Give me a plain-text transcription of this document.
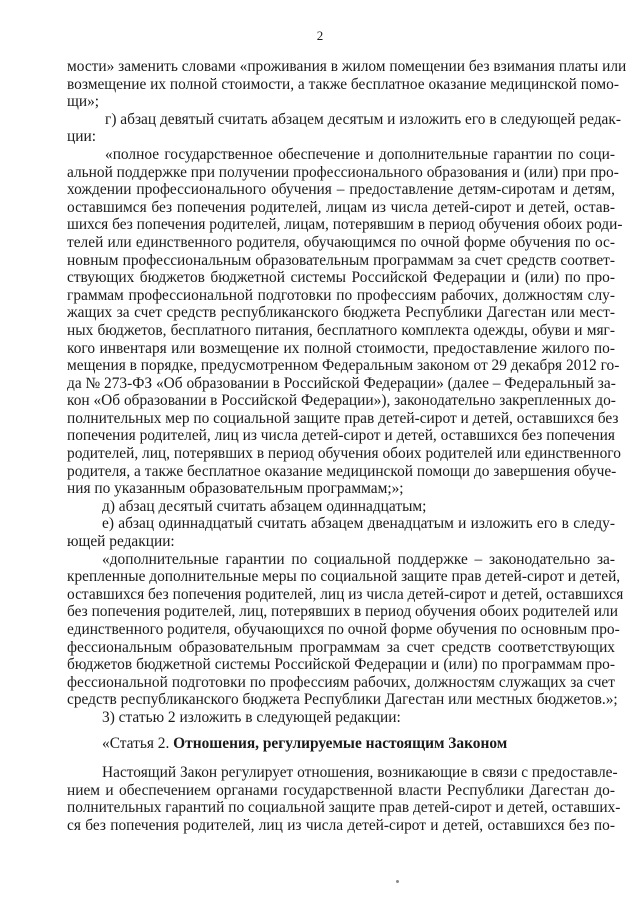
2
мости» заменить словами «проживания в жилом помещении без взимания платы или
возмещение их полной стоимости, а также бесплатное оказание медицинской помо-
щи»;
г) абзац девятый считать абзацем десятым и изложить его в следующей редак-
ции:
«полное государственное обеспечение и дополнительные гарантии по соци-
альной поддержке при получении профессионального образования и (или) при про-
хождении профессионального обучения – предоставление детям-сиротам и детям,
оставшимся без попечения родителей, лицам из числа детей-сирот и детей, остав-
шихся без попечения родителей, лицам, потерявшим в период обучения обоих роди-
телей или единственного родителя, обучающимся по очной форме обучения по ос-
новным профессиональным образовательным программам за счет средств соответ-
ствующих бюджетов бюджетной системы Российской Федерации и (или) по про-
граммам профессиональной подготовки по профессиям рабочих, должностям слу-
жащих за счет средств республиканского бюджета Республики Дагестан или мест-
ных бюджетов, бесплатного питания, бесплатного комплекта одежды, обуви и мяг-
кого инвентаря или возмещение их полной стоимости, предоставление жилого по-
мещения в порядке, предусмотренном Федеральным законом от 29 декабря 2012 го-
да № 273-ФЗ «Об образовании в Российской Федерации» (далее – Федеральный за-
кон «Об образовании в Российской Федерации»), законодательно закрепленных до-
полнительных мер по социальной защите прав детей-сирот и детей, оставшихся без
попечения родителей, лиц из числа детей-сирот и детей, оставшихся без попечения
родителей, лиц, потерявших в период обучения обоих родителей или единственного
родителя, а также бесплатное оказание медицинской помощи до завершения обуче-
ния по указанным образовательным программам;»;
д) абзац десятый считать абзацем одиннадцатым;
е) абзац одиннадцатый считать абзацем двенадцатым и изложить его в следу-
ющей редакции:
«дополнительные гарантии по социальной поддержке – законодательно за-
крепленные дополнительные меры по социальной защите прав детей-сирот и детей,
оставшихся без попечения родителей, лиц из числа детей-сирот и детей, оставшихся
без попечения родителей, лиц, потерявших в период обучения обоих родителей или
единственного родителя, обучающихся по очной форме обучения по основным про-
фессиональным образовательным программам за счет средств соответствующих
бюджетов бюджетной системы Российской Федерации и (или) по программам про-
фессиональной подготовки по профессиям рабочих, должностям служащих за счет
средств республиканского бюджета Республики Дагестан или местных бюджетов.»;
3) статью 2 изложить в следующей редакции:
«Статья 2. Отношения, регулируемые настоящим Законом
Настоящий Закон регулирует отношения, возникающие в связи с предоставле-
нием и обеспечением органами государственной власти Республики Дагестан до-
полнительных гарантий по социальной защите прав детей-сирот и детей, оставших-
ся без попечения родителей, лиц из числа детей-сирот и детей, оставшихся без по-
